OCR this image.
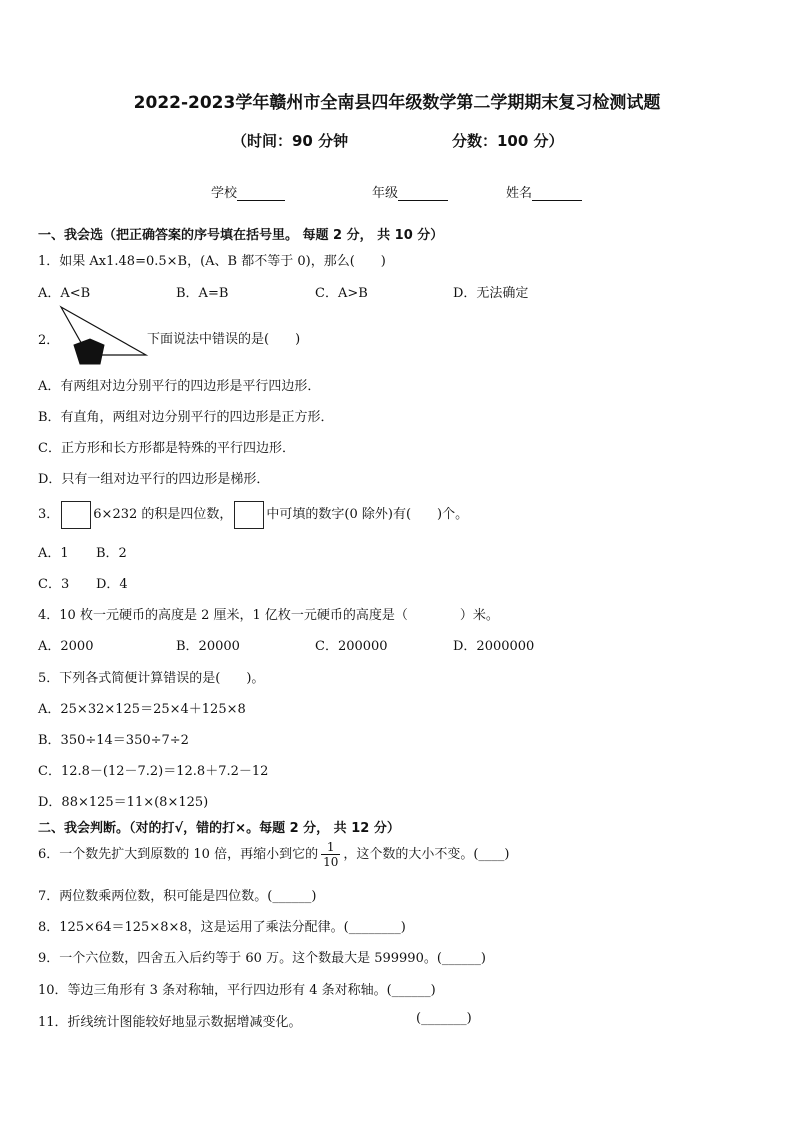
2022-2023学年赣州市全南县四年级数学第二学期期末复习检测试题
（时间：90 分钟	分数：100 分）
学校	年级	姓名
一、我会选（把正确答案的序号填在括号里。 每题 2 分， 共 10 分）
1．如果 Ax1.48=0.5×B，(A、B 都不等于 0)，那么(　　)
A．A<B	B．A=B	C．A>B	D．无法确定
2．	下面说法中错误的是(　　)
A．有两组对边分别平行的四边形是平行四边形．
B．有直角，两组对边分别平行的四边形是正方形．
C．正方形和长方形都是特殊的平行四边形．
D．只有一组对边平行的四边形是梯形．
3．	6×232 的积是四位数，	中可填的数字(0 除外)有(　　)个。
A．1 B．2
C．3 D．4
4．10 枚一元硬币的高度是 2 厘米，1 亿枚一元硬币的高度是（　　　　）米。
A．2000	B．20000	C．200000	D．2000000
5．下列各式简便计算错误的是(　　)。
A．25×32×125＝25×4＋125×8
B．350÷14＝350÷7÷2
C．12.8－(12－7.2)＝12.8＋7.2－12
D．88×125＝11×(8×125)
二、我会判断。（对的打√，错的打×。每题 2 分， 共 12 分）
6．一个数先扩大到原数的 10 倍，再缩小到它的 $\frac{1}{10}$ ，这个数的大小不变。(____)
7．两位数乘两位数，积可能是四位数。(______)
8．125×64＝125×8×8，这是运用了乘法分配律。(________)
9．一个六位数，四舍五入后约等于 60 万。这个数最大是 599990。(______)
10．等边三角形有 3 条对称轴，平行四边形有 4 条对称轴。(______)
11．折线统计图能较好地显示数据增减变化。	(_______)
